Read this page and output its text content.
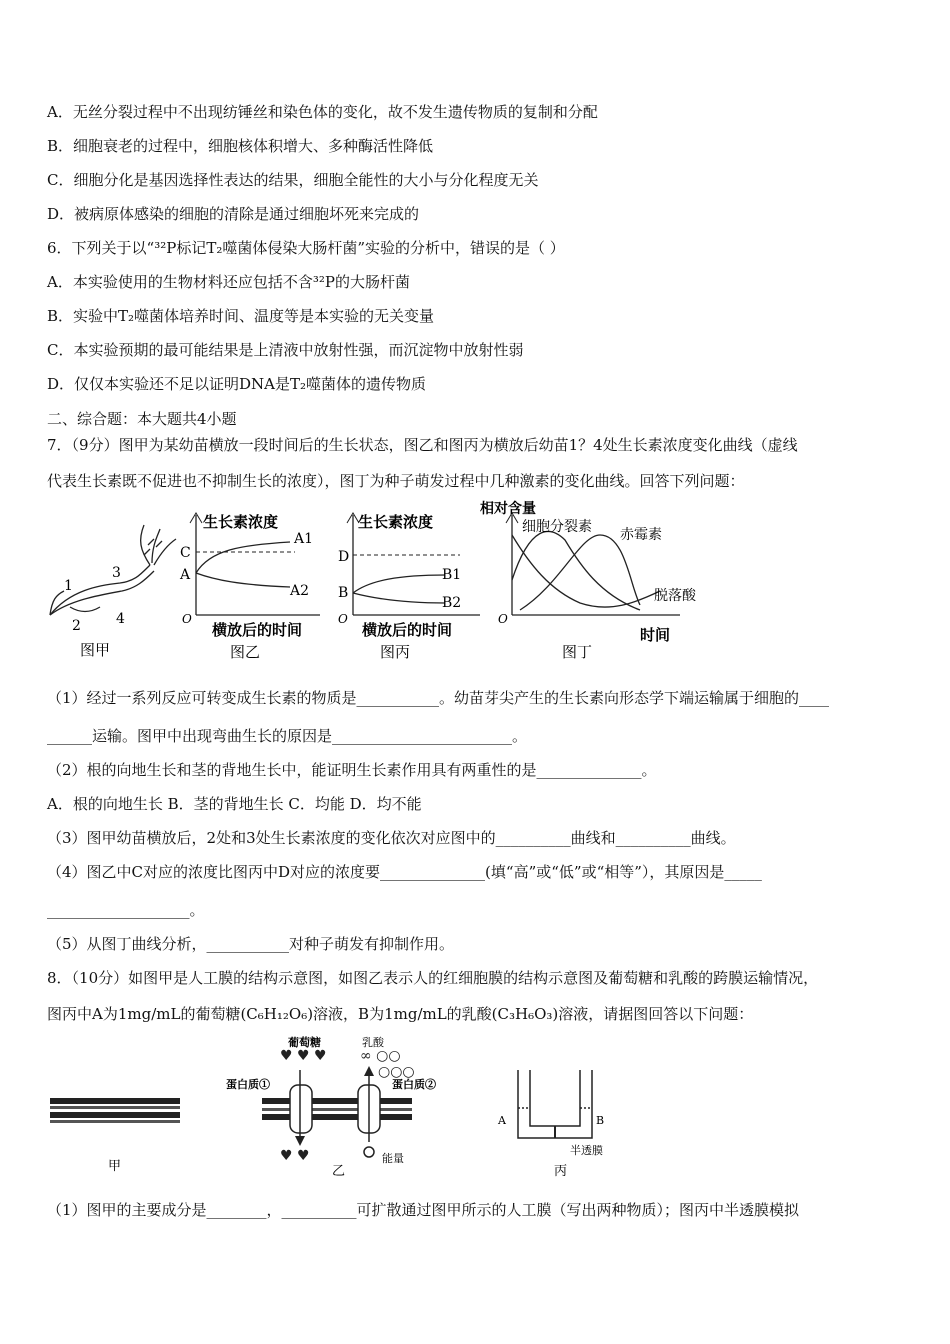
A．无丝分裂过程中不出现纺锤丝和染色体的变化，故不发生遗传物质的复制和分配
B．细胞衰老的过程中，细胞核体积增大、多种酶活性降低
C．细胞分化是基因选择性表达的结果，细胞全能性的大小与分化程度无关
D．被病原体感染的细胞的清除是通过细胞坏死来完成的
6．下列关于以“³²P标记T₂噬菌体侵染大肠杆菌”实验的分析中，错误的是（ ）
A．本实验使用的生物材料还应包括不含³²P的大肠杆菌
B．实验中T₂噬菌体培养时间、温度等是本实验的无关变量
C．本实验预期的最可能结果是上清液中放射性强，而沉淀物中放射性弱
D．仅仅本实验还不足以证明DNA是T₂噬菌体的遗传物质
二、综合题：本大题共4小题
7．（9分）图甲为某幼苗横放一段时间后的生长状态，图乙和图丙为横放后幼苗1？4处生长素浓度变化曲线（虚线
代表生长素既不促进也不抑制生长的浓度），图丁为种子萌发过程中几种激素的变化曲线。回答下列问题：
1
2
3
4
图甲
生长素浓度
C
A
A1
A2
O
横放后的时间
图乙
生长素浓度
D
B
B1
B2
O
横放后的时间
图丙
相对含量
细胞分裂素 赤霉素
脱落酸
O
时间
图丁
（1）经过一系列反应可转变成生长素的物质是___________。幼苗芽尖产生的生长素向形态学下端运输属于细胞的____
______运输。图甲中出现弯曲生长的原因是________________________。
（2）根的向地生长和茎的背地生长中，能证明生长素作用具有两重性的是______________。
A．根的向地生长 B．茎的背地生长 C．均能 D．均不能
（3）图甲幼苗横放后，2处和3处生长素浓度的变化依次对应图中的__________曲线和__________曲线。
（4）图乙中C对应的浓度比图丙中D对应的浓度要______________(填“高”或“低”或“相等”），其原因是_____
___________________。
（5）从图丁曲线分析，___________对种子萌发有抑制作用。
8．（10分）如图甲是人工膜的结构示意图，如图乙表示人的红细胞膜的结构示意图及葡萄糖和乳酸的跨膜运输情况，
图丙中A为1mg/mL的葡萄糖(C₆H₁₂O₆)溶液，B为1mg/mL的乳酸(C₃H₆O₃)溶液，请据图回答以下问题：
甲
葡萄糖	乳酸
♥ ♥ ♥ ∞ ○○
○○○
蛋白质①	蛋白质②
♥ ♥	能量
乙
A	B
半透膜
丙
（1）图甲的主要成分是________，__________可扩散通过图甲所示的人工膜（写出两种物质）；图丙中半透膜模拟
